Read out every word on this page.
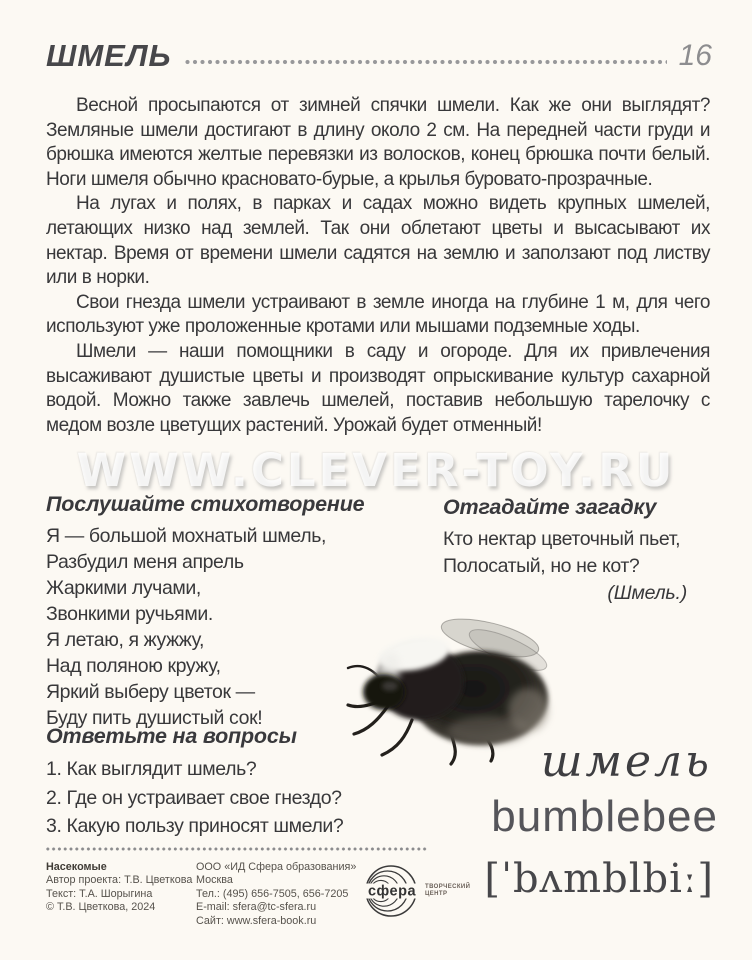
ШМЕЛЬ	16

Весной просыпаются от зимней спячки шмели. Как же они выглядят? Земляные шмели достигают в длину около 2 см. На передней части груди и брюшка имеются желтые перевязки из волосков, конец брюшка почти белый. Ноги шмеля обычно красновато-бурые, а крылья буровато-прозрачные.

На лугах и полях, в парках и садах можно видеть крупных шмелей, летающих низко над землей. Так они облетают цветы и высасывают их нектар. Время от времени шмели садятся на землю и заползают под листву или в норки.

Свои гнезда шмели устраивают в земле иногда на глубине 1 м, для чего используют уже проложенные кротами или мышами подземные ходы.

Шмели — наши помощники в саду и огороде. Для их привлечения высаживают душистые цветы и производят опрыскивание культур сахарной водой. Можно также завлечь шмелей, поставив небольшую тарелочку с медом возле цветущих растений. Урожай будет отменный!

WWW.CLEVER-TOY.RU
Послушайте стихотворение
Я — большой мохнатый шмель,
Разбудил меня апрель
Жаркими лучами,
Звонкими ручьями.
Я летаю, я жужжу,
Над поляною кружу,
Яркий выберу цветок —
Буду пить душистый сок!
Отгадайте загадку
Кто нектар цветочный пьет,
Полосатый, но не кот?
(Шмель.)
Ответьте на вопросы
1. Как выглядит шмель?
2. Где он устраивает свое гнездо?
3. Какую пользу приносят шмели?
шмель
bumblebee
[ˈbʌmblbiː]
Насекомые
Автор проекта: Т.В. Цветкова
Текст: Т.А. Шорыгина
© Т.В. Цветкова, 2024
ООО «ИД Сфера образования»
Москва
Тел.: (495) 656-7505, 656-7205
E-mail: sfera@tc-sfera.ru
Сайт: www.sfera-book.ru
сфера ТВОРЧЕСКИЙ ЦЕНТР
